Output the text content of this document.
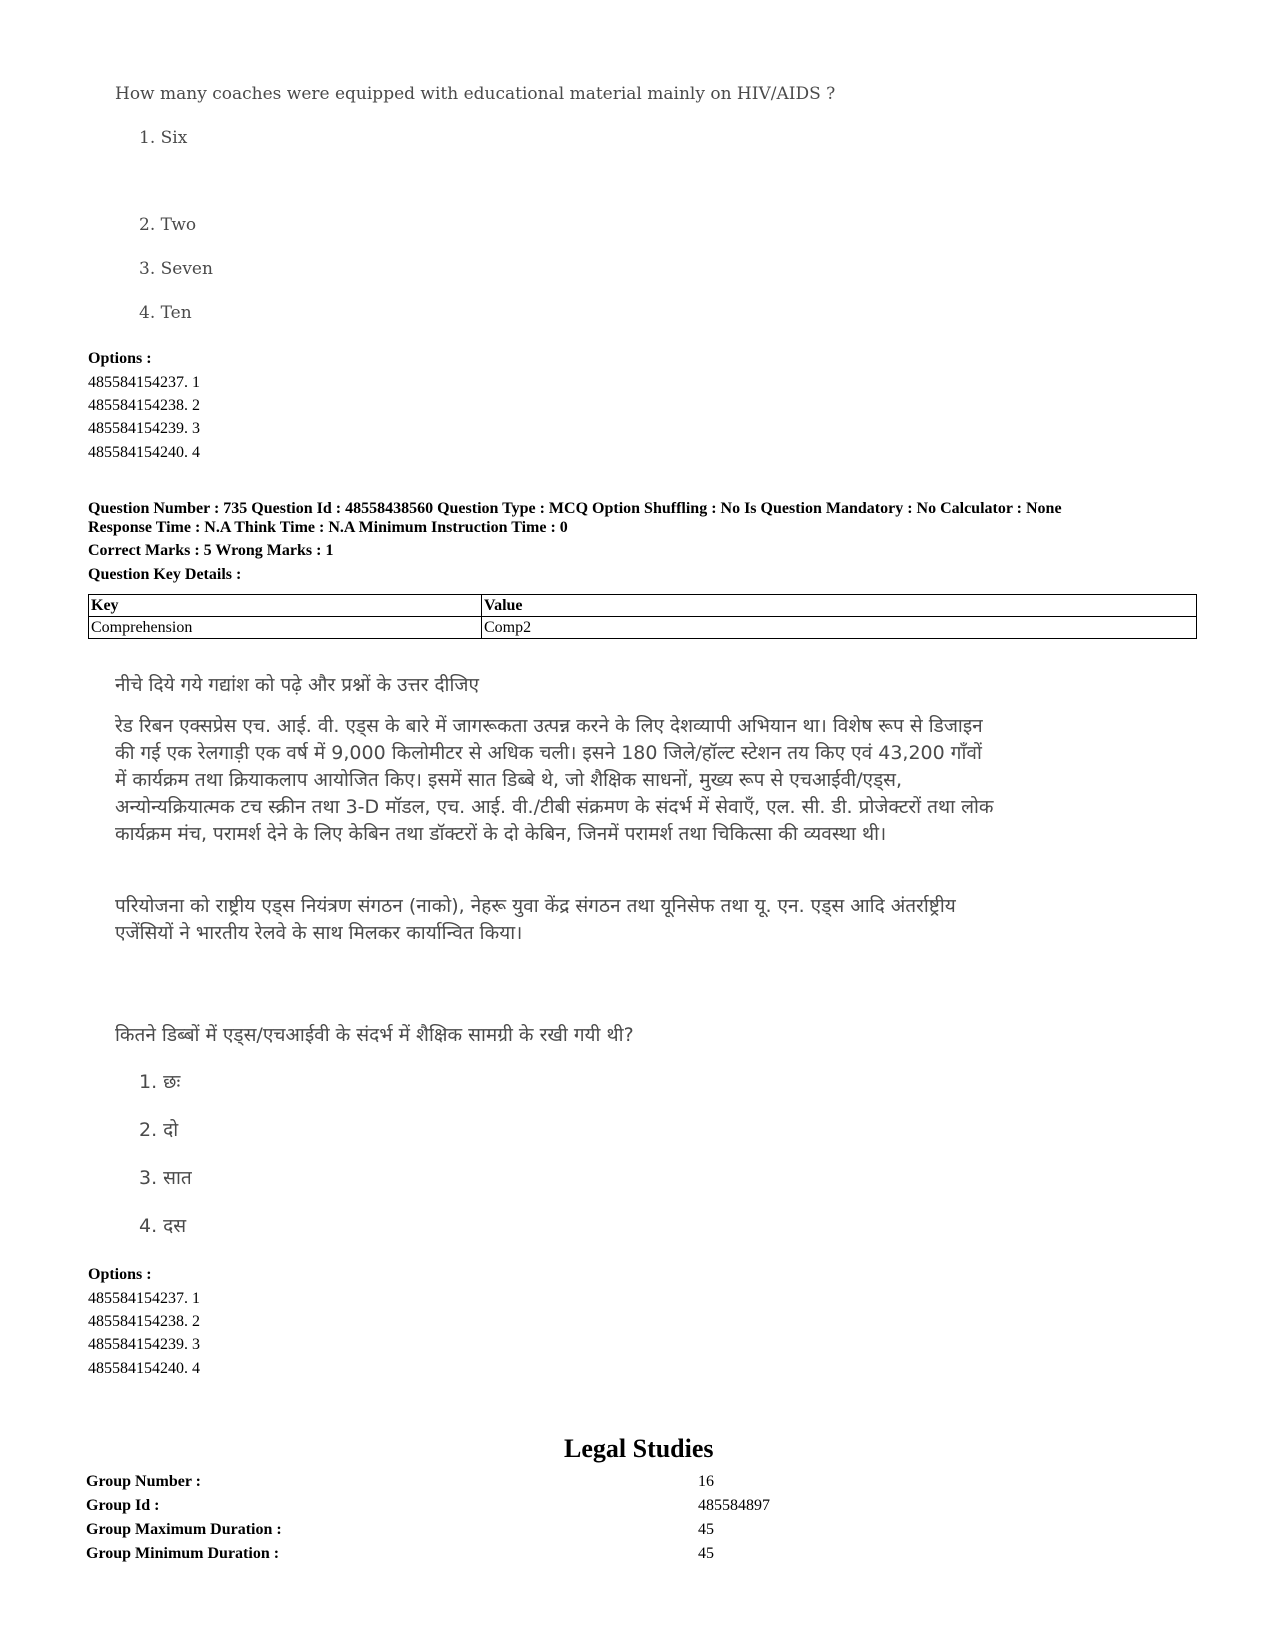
How many coaches were equipped with educational material mainly on HIV/AIDS ?
1. Six
2. Two
3. Seven
4. Ten
Options :
485584154237. 1
485584154238. 2
485584154239. 3
485584154240. 4
Question Number : 735 Question Id : 48558438560 Question Type : MCQ Option Shuffling : No Is Question Mandatory : No Calculator : None
Response Time : N.A Think Time : N.A Minimum Instruction Time : 0
Correct Marks : 5 Wrong Marks : 1
Question Key Details :
Key	Value
Comprehension	Comp2
नीचे दिये गये गद्यांश को पढ़े और प्रश्नों के उत्तर दीजिए
रेड रिबन एक्सप्रेस एच. आई. वी. एड्स के बारे में जागरूकता उत्पन्न करने के लिए देशव्यापी अभियान था। विशेष रूप से डिजाइन की गई एक रेलगाड़ी एक वर्ष में 9,000 किलोमीटर से अधिक चली। इसने 180 जिले/हॉल्ट स्टेशन तय किए एवं 43,200 गाँवों में कार्यक्रम तथा क्रियाकलाप आयोजित किए। इसमें सात डिब्बे थे, जो शैक्षिक साधनों, मुख्य रूप से एचआईवी/एड्स, अन्योन्यक्रियात्मक टच स्क्रीन तथा 3-D मॉडल, एच. आई. वी./टीबी संक्रमण के संदर्भ में सेवाएँ, एल. सी. डी. प्रोजेक्टरों तथा लोक कार्यक्रम मंच, परामर्श देने के लिए केबिन तथा डॉक्टरों के दो केबिन, जिनमें परामर्श तथा चिकित्सा की व्यवस्था थी।
परियोजना को राष्ट्रीय एड्स नियंत्रण संगठन (नाको), नेहरू युवा केंद्र संगठन तथा यूनिसेफ तथा यू. एन. एड्स आदि अंतर्राष्ट्रीय एजेंसियों ने भारतीय रेलवे के साथ मिलकर कार्यान्वित किया।
कितने डिब्बों में एड्स/एचआईवी के संदर्भ में शैक्षिक सामग्री के रखी गयी थी?
1. छः
2. दो
3. सात
4. दस
Options :
485584154237. 1
485584154238. 2
485584154239. 3
485584154240. 4
Legal Studies
Group Number :	16
Group Id :	485584897
Group Maximum Duration :	45
Group Minimum Duration :	45
